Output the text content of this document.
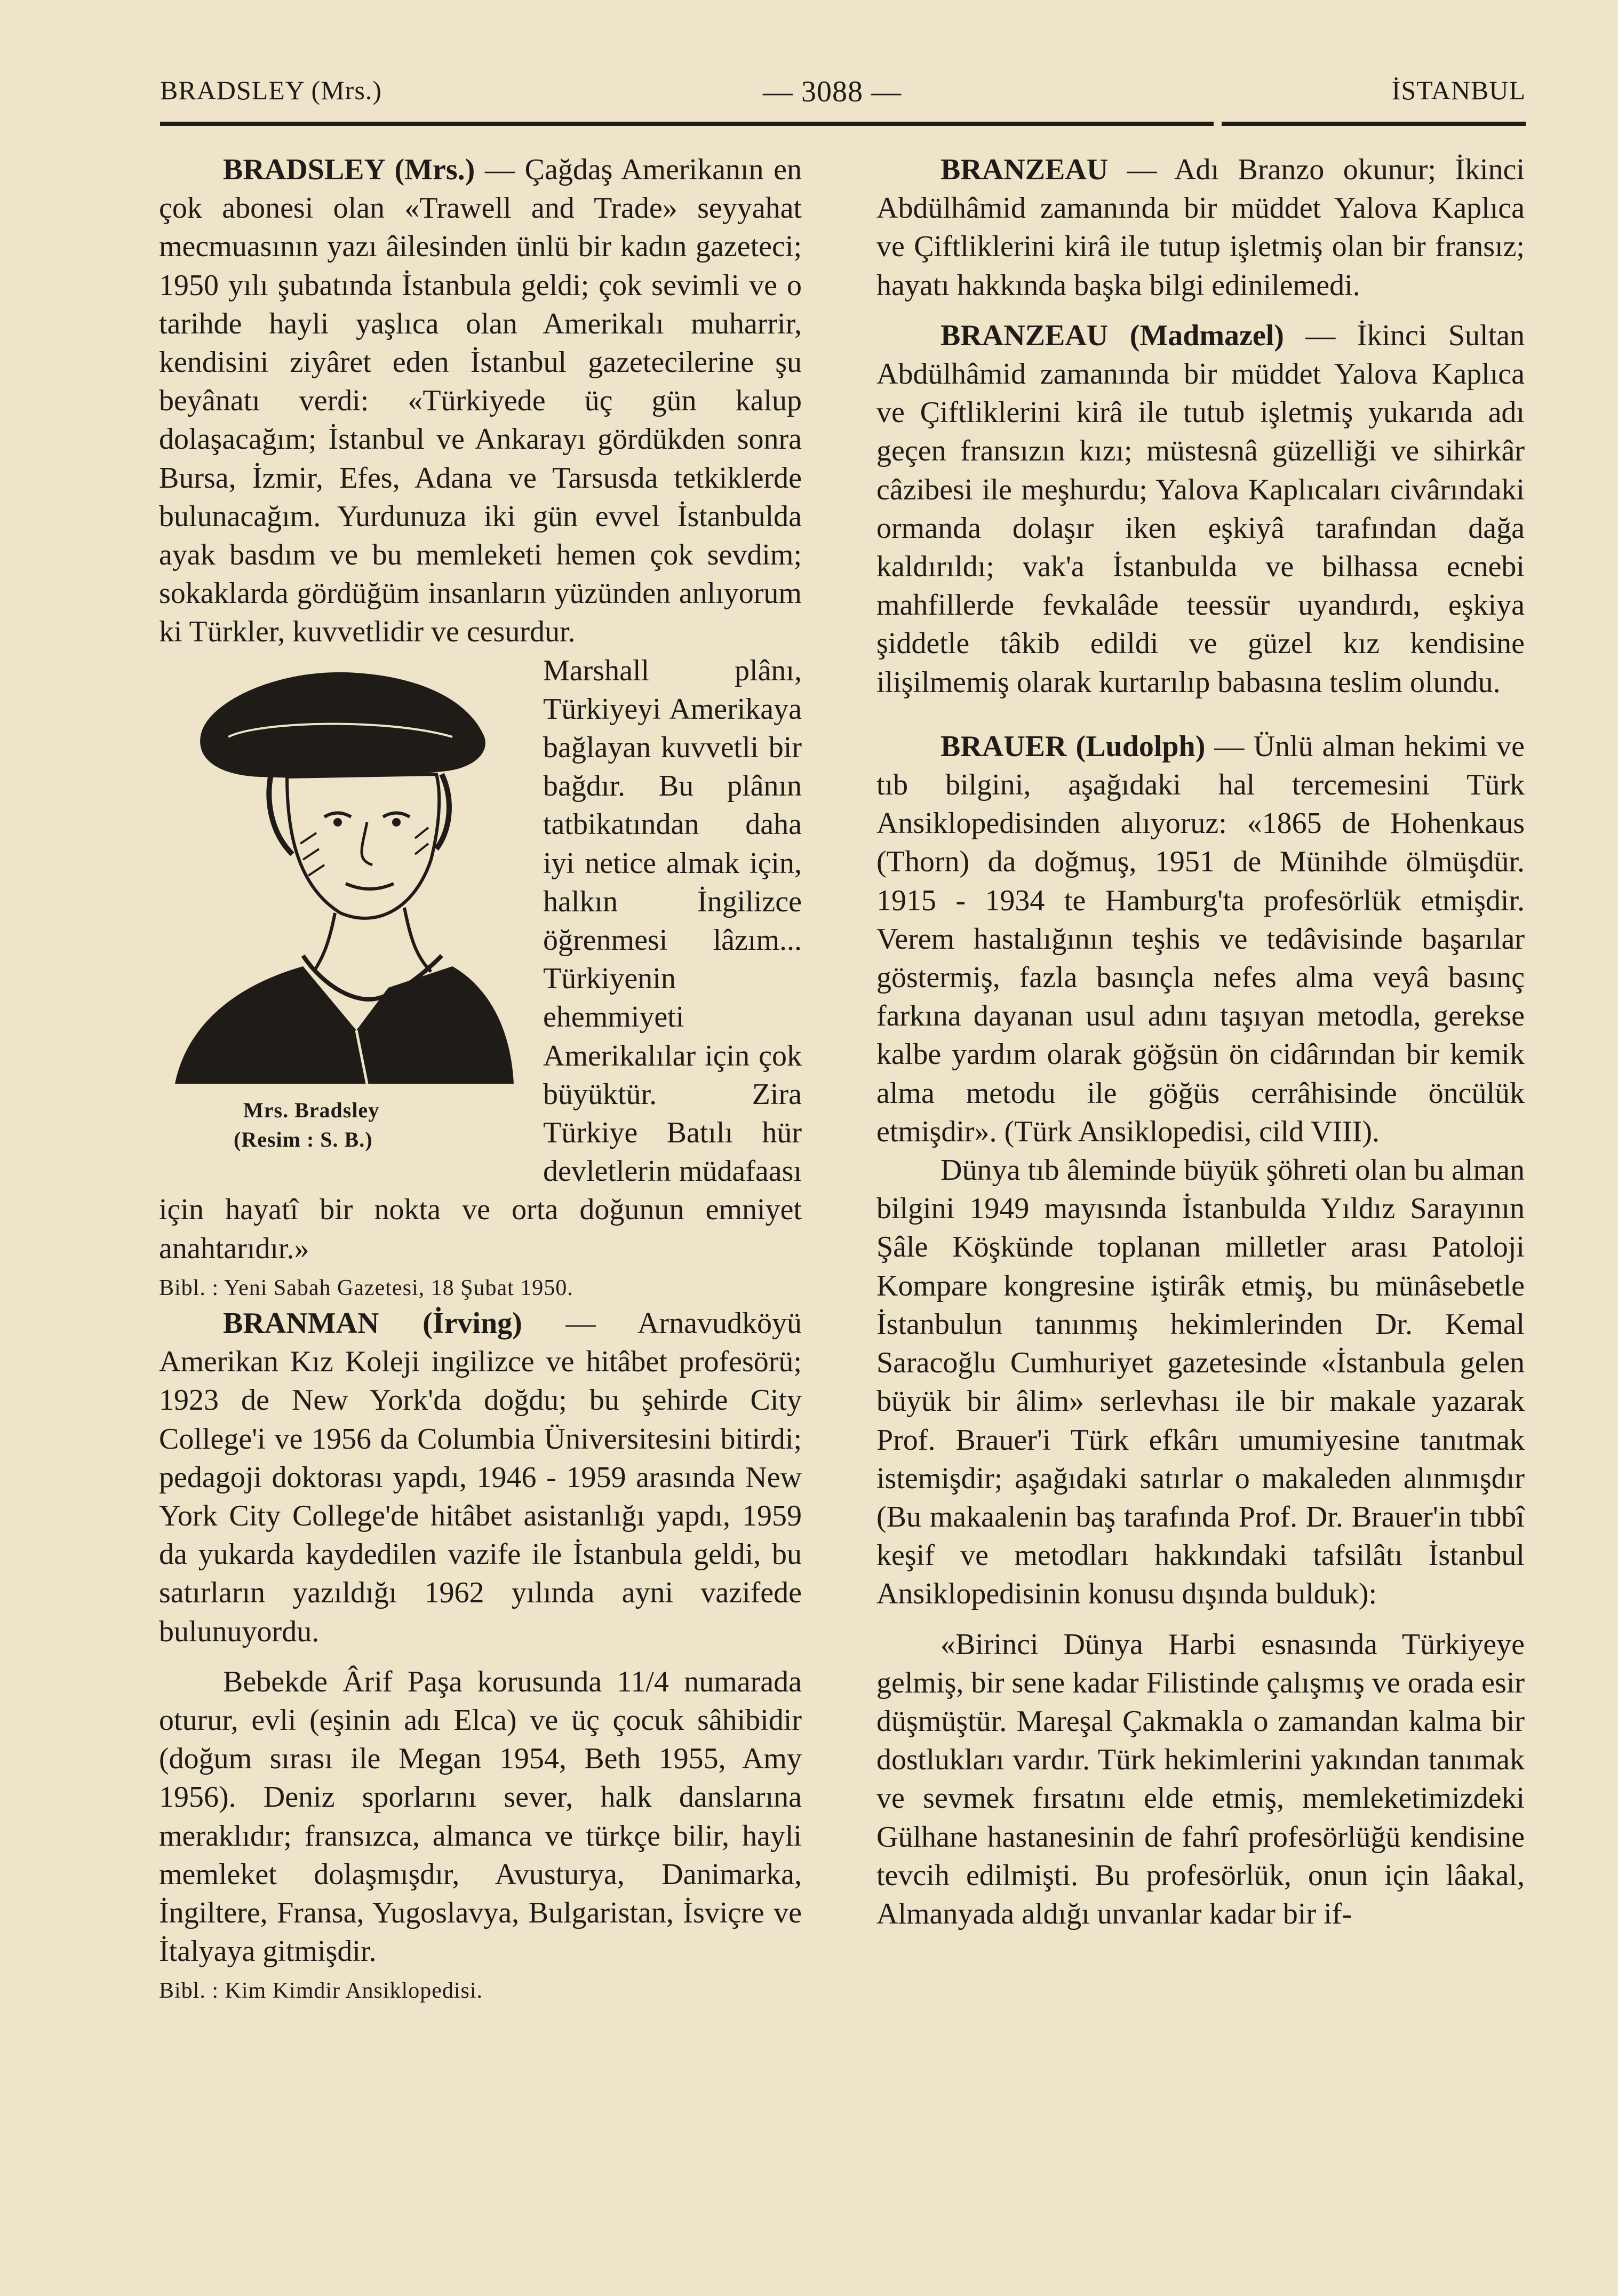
BRADSLEY (Mrs.)	— 3088 —	İSTANBUL

BRADSLEY (Mrs.) — Çağdaş Amerikanın en çok abonesi olan «Trawell and Trade» seyyahat mecmuasının yazı âilesinden ünlü bir kadın gazeteci; 1950 yılı şubatında İstanbula geldi; çok sevimli ve o tarihde hayli yaşlıca olan Amerikalı muharrir, kendisini ziyâret eden İstanbul gazetecilerine şu beyânatı verdi: «Türkiyede üç gün kalup dolaşacağım; İstanbul ve Ankarayı gördükden sonra Bursa, İzmir, Efes, Adana ve Tarsusda tetkiklerde bulunacağım. Yurdunuza iki gün evvel İstanbulda ayak basdım ve bu memleketi hemen çok sevdim; sokaklarda gördüğüm insanların yüzünden anlıyorum ki Türkler, kuvvetlidir ve cesurdur.

Mrs. Bradsley
(Resim : S. B.)

Marshall plânı, Türkiyeyi Amerikaya bağlayan kuvvetli bir bağdır. Bu plânın tatbikatından daha iyi netice almak için, halkın İngilizce öğrenmesi lâzım... Türkiyenin ehemmiyeti Amerikalılar için çok büyüktür. Zira Türkiye Batılı hür devletlerin müdafaası için hayatî bir nokta ve orta doğunun emniyet anahtarıdır.»

Bibl. : Yeni Sabah Gazetesi, 18 Şubat 1950.

BRANMAN (İrving) — Arnavudköyü Amerikan Kız Koleji ingilizce ve hitâbet profesörü; 1923 de New York'da doğdu; bu şehirde City College'i ve 1956 da Columbia Üniversitesini bitirdi; pedagoji doktorası yapdı, 1946 - 1959 arasında New York City College'de hitâbet asistanlığı yapdı, 1959 da yukarda kaydedilen vazife ile İstanbula geldi, bu satırların yazıldığı 1962 yılında ayni vazifede bulunuyordu.

Bebekde Ârif Paşa korusunda 11/4 numarada oturur, evli (eşinin adı Elca) ve üç çocuk sâhibidir (doğum sırası ile Megan 1954, Beth 1955, Amy 1956). Deniz sporlarını sever, halk danslarına meraklıdır; fransızca, almanca ve türkçe bilir, hayli memleket dolaşmışdır, Avusturya, Danimarka, İngiltere, Fransa, Yugoslavya, Bulgaristan, İsviçre ve İtalyaya gitmişdir.

Bibl. : Kim Kimdir Ansiklopedisi.

BRANZEAU — Adı Branzo okunur; İkinci Abdülhâmid zamanında bir müddet Yalova Kaplıca ve Çiftliklerini kirâ ile tutup işletmiş olan bir fransız; hayatı hakkında başka bilgi edinilemedi.

BRANZEAU (Madmazel) — İkinci Sultan Abdülhâmid zamanında bir müddet Yalova Kaplıca ve Çiftliklerini kirâ ile tutub işletmiş yukarıda adı geçen fransızın kızı; müstesnâ güzelliği ve sihirkâr câzibesi ile meşhurdu; Yalova Kaplıcaları civârındaki ormanda dolaşır iken eşkiyâ tarafından dağa kaldırıldı; vak'a İstanbulda ve bilhassa ecnebi mahfillerde fevkalâde teessür uyandırdı, eşkiya şiddetle tâkib edildi ve güzel kız kendisine ilişilmemiş olarak kurtarılıp babasına teslim olundu.

BRAUER (Ludolph) — Ünlü alman hekimi ve tıb bilgini, aşağıdaki hal tercemesini Türk Ansiklopedisinden alıyoruz: «1865 de Hohenkaus (Thorn) da doğmuş, 1951 de Münihde ölmüşdür. 1915 - 1934 te Hamburg'ta profesörlük etmişdir. Verem hastalığının teşhis ve tedâvisinde başarılar göstermiş, fazla basınçla nefes alma veyâ basınç farkına dayanan usul adını taşıyan metodla, gerekse kalbe yardım olarak göğsün ön cidârından bir kemik alma metodu ile göğüs cerrâhisinde öncülük etmişdir». (Türk Ansiklopedisi, cild VIII).

Dünya tıb âleminde büyük şöhreti olan bu alman bilgini 1949 mayısında İstanbulda Yıldız Sarayının Şâle Köşkünde toplanan milletler arası Patoloji Kompare kongresine iştirâk etmiş, bu münâsebetle İstanbulun tanınmış hekimlerinden Dr. Kemal Saracoğlu Cumhuriyet gazetesinde «İstanbula gelen büyük bir âlim» serlevhası ile bir makale yazarak Prof. Brauer'i Türk efkârı umumiyesine tanıtmak istemişdir; aşağıdaki satırlar o makaleden alınmışdır (Bu makaalenin baş tarafında Prof. Dr. Brauer'in tıbbî keşif ve metodları hakkındaki tafsilâtı İstanbul Ansiklopedisinin konusu dışında bulduk):

«Birinci Dünya Harbi esnasında Türkiyeye gelmiş, bir sene kadar Filistinde çalışmış ve orada esir düşmüştür. Mareşal Çakmakla o zamandan kalma bir dostlukları vardır. Türk hekimlerini yakından tanımak ve sevmek fırsatını elde etmiş, memleketimizdeki Gülhane hastanesinin de fahrî profesörlüğü kendisine tevcih edilmişti. Bu profesörlük, onun için lâakal, Almanyada aldığı unvanlar kadar bir if-
